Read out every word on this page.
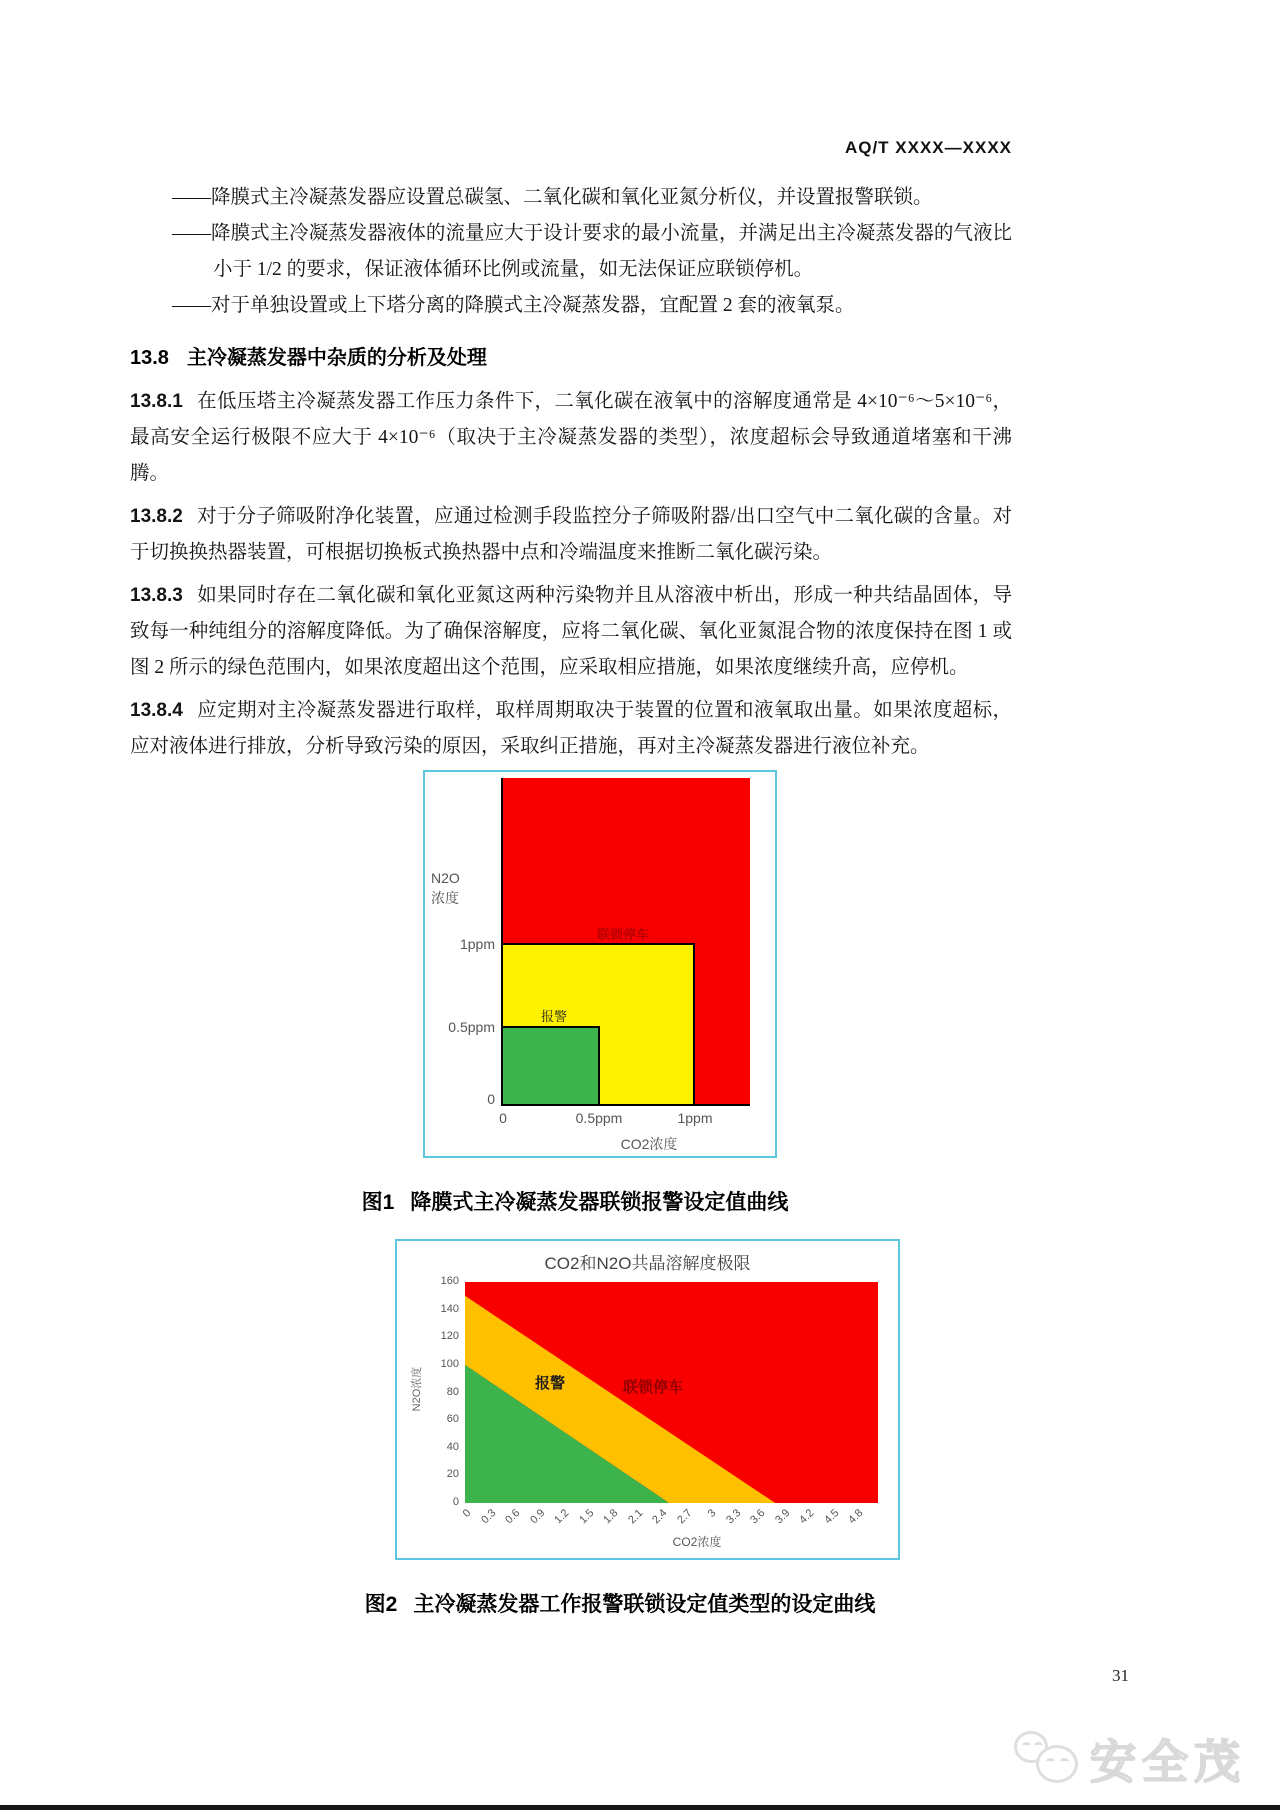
AQ/T XXXX—XXXX
——降膜式主冷凝蒸发器应设置总碳氢、二氧化碳和氧化亚氮分析仪，并设置报警联锁。
——降膜式主冷凝蒸发器液体的流量应大于设计要求的最小流量，并满足出主冷凝蒸发器的气液比小于 1/2 的要求，保证液体循环比例或流量，如无法保证应联锁停机。
——对于单独设置或上下塔分离的降膜式主冷凝蒸发器，宜配置 2 套的液氧泵。
13.8 主冷凝蒸发器中杂质的分析及处理

13.8.1 在低压塔主冷凝蒸发器工作压力条件下，二氧化碳在液氧中的溶解度通常是 4×10⁻⁶～5×10⁻⁶，最高安全运行极限不应大于 4×10⁻⁶（取决于主冷凝蒸发器的类型），浓度超标会导致通道堵塞和干沸腾。

13.8.2 对于分子筛吸附净化装置，应通过检测手段监控分子筛吸附器/出口空气中二氧化碳的含量。对于切换换热器装置，可根据切换板式换热器中点和冷端温度来推断二氧化碳污染。

13.8.3 如果同时存在二氧化碳和氧化亚氮这两种污染物并且从溶液中析出，形成一种共结晶固体，导致每一种纯组分的溶解度降低。为了确保溶解度，应将二氧化碳、氧化亚氮混合物的浓度保持在图 1 或图 2 所示的绿色范围内，如果浓度超出这个范围，应采取相应措施，如果浓度继续升高，应停机。

13.8.4 应定期对主冷凝蒸发器进行取样，取样周期取决于装置的位置和液氧取出量。如果浓度超标，应对液体进行排放，分析导致污染的原因，采取纠正措施，再对主冷凝蒸发器进行液位补充。

N2O
浓度
1ppm
0.5ppm
0
联锁停车
报警
0	0.5ppm	1ppm
CO2浓度
图1 降膜式主冷凝蒸发器联锁报警设定值曲线
CO2和N2O共晶溶解度极限
N2O浓度
160
140
120
100
80
60
40
20
0
报警	联锁停车
0 0.3 0.6 0.9 1.2 1.5 1.8 2.1 2.4 2.7	3 3.3 3.6 3.9 4.2 4.5 4.8
CO2浓度
图2 主冷凝蒸发器工作报警联锁设定值类型的设定曲线
31
安全茂
